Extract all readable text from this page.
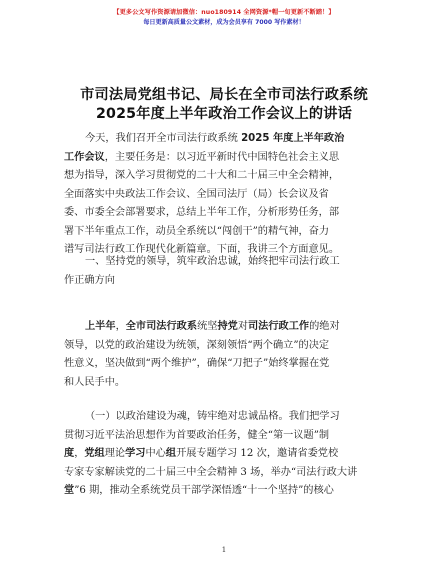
【更多公文写作资源请加微信：nuo180914 全网资源*帽一旬更新不断踏！】
每日更新高质量公文素材，成为会员享有 7000 写作素材！
市司法局党组书记、局长在全市司法行政系统
2025年度上半年政治工作会议上的讲话
今天，我们召开全市司法行政系统 2025 年度上半年政治
工作会议，主要任务是：以习近平新时代中国特色社会主义思
想为指导，深入学习贯彻党的二十大和二十届三中全会精神，
全面落实中央政法工作会议、全国司法厅（局）长会议及省
委、市委全会部署要求，总结上半年工作，分析形势任务，部
署下半年重点工作，动员全系统以“闯创干”的精气神，奋力
谱写司法行政工作现代化新篇章。下面，我讲三个方面意见。
一、坚持党的领导，筑牢政治忠诚，始终把牢司法行政工
作正确方向
上半年，全市司法行政系统坚持党对司法行政工作的绝对
领导，以党的政治建设为统领，深刻领悟“两个确立”的决定
性意义，坚决做到“两个维护”，确保“刀把子”始终掌握在党
和人民手中。
（一）以政治建设为魂，铸牢绝对忠诚品格。我们把学习
贯彻习近平法治思想作为首要政治任务，健全“第一议题”制
度，党组理论学习中心组开展专题学习 12 次，邀请省委党校
专家专家解读党的二十届三中全会精神 3 场，举办“司法行政大讲
堂”6 期，推动全系统党员干部学深悟透“十一个坚持”的核心
1
